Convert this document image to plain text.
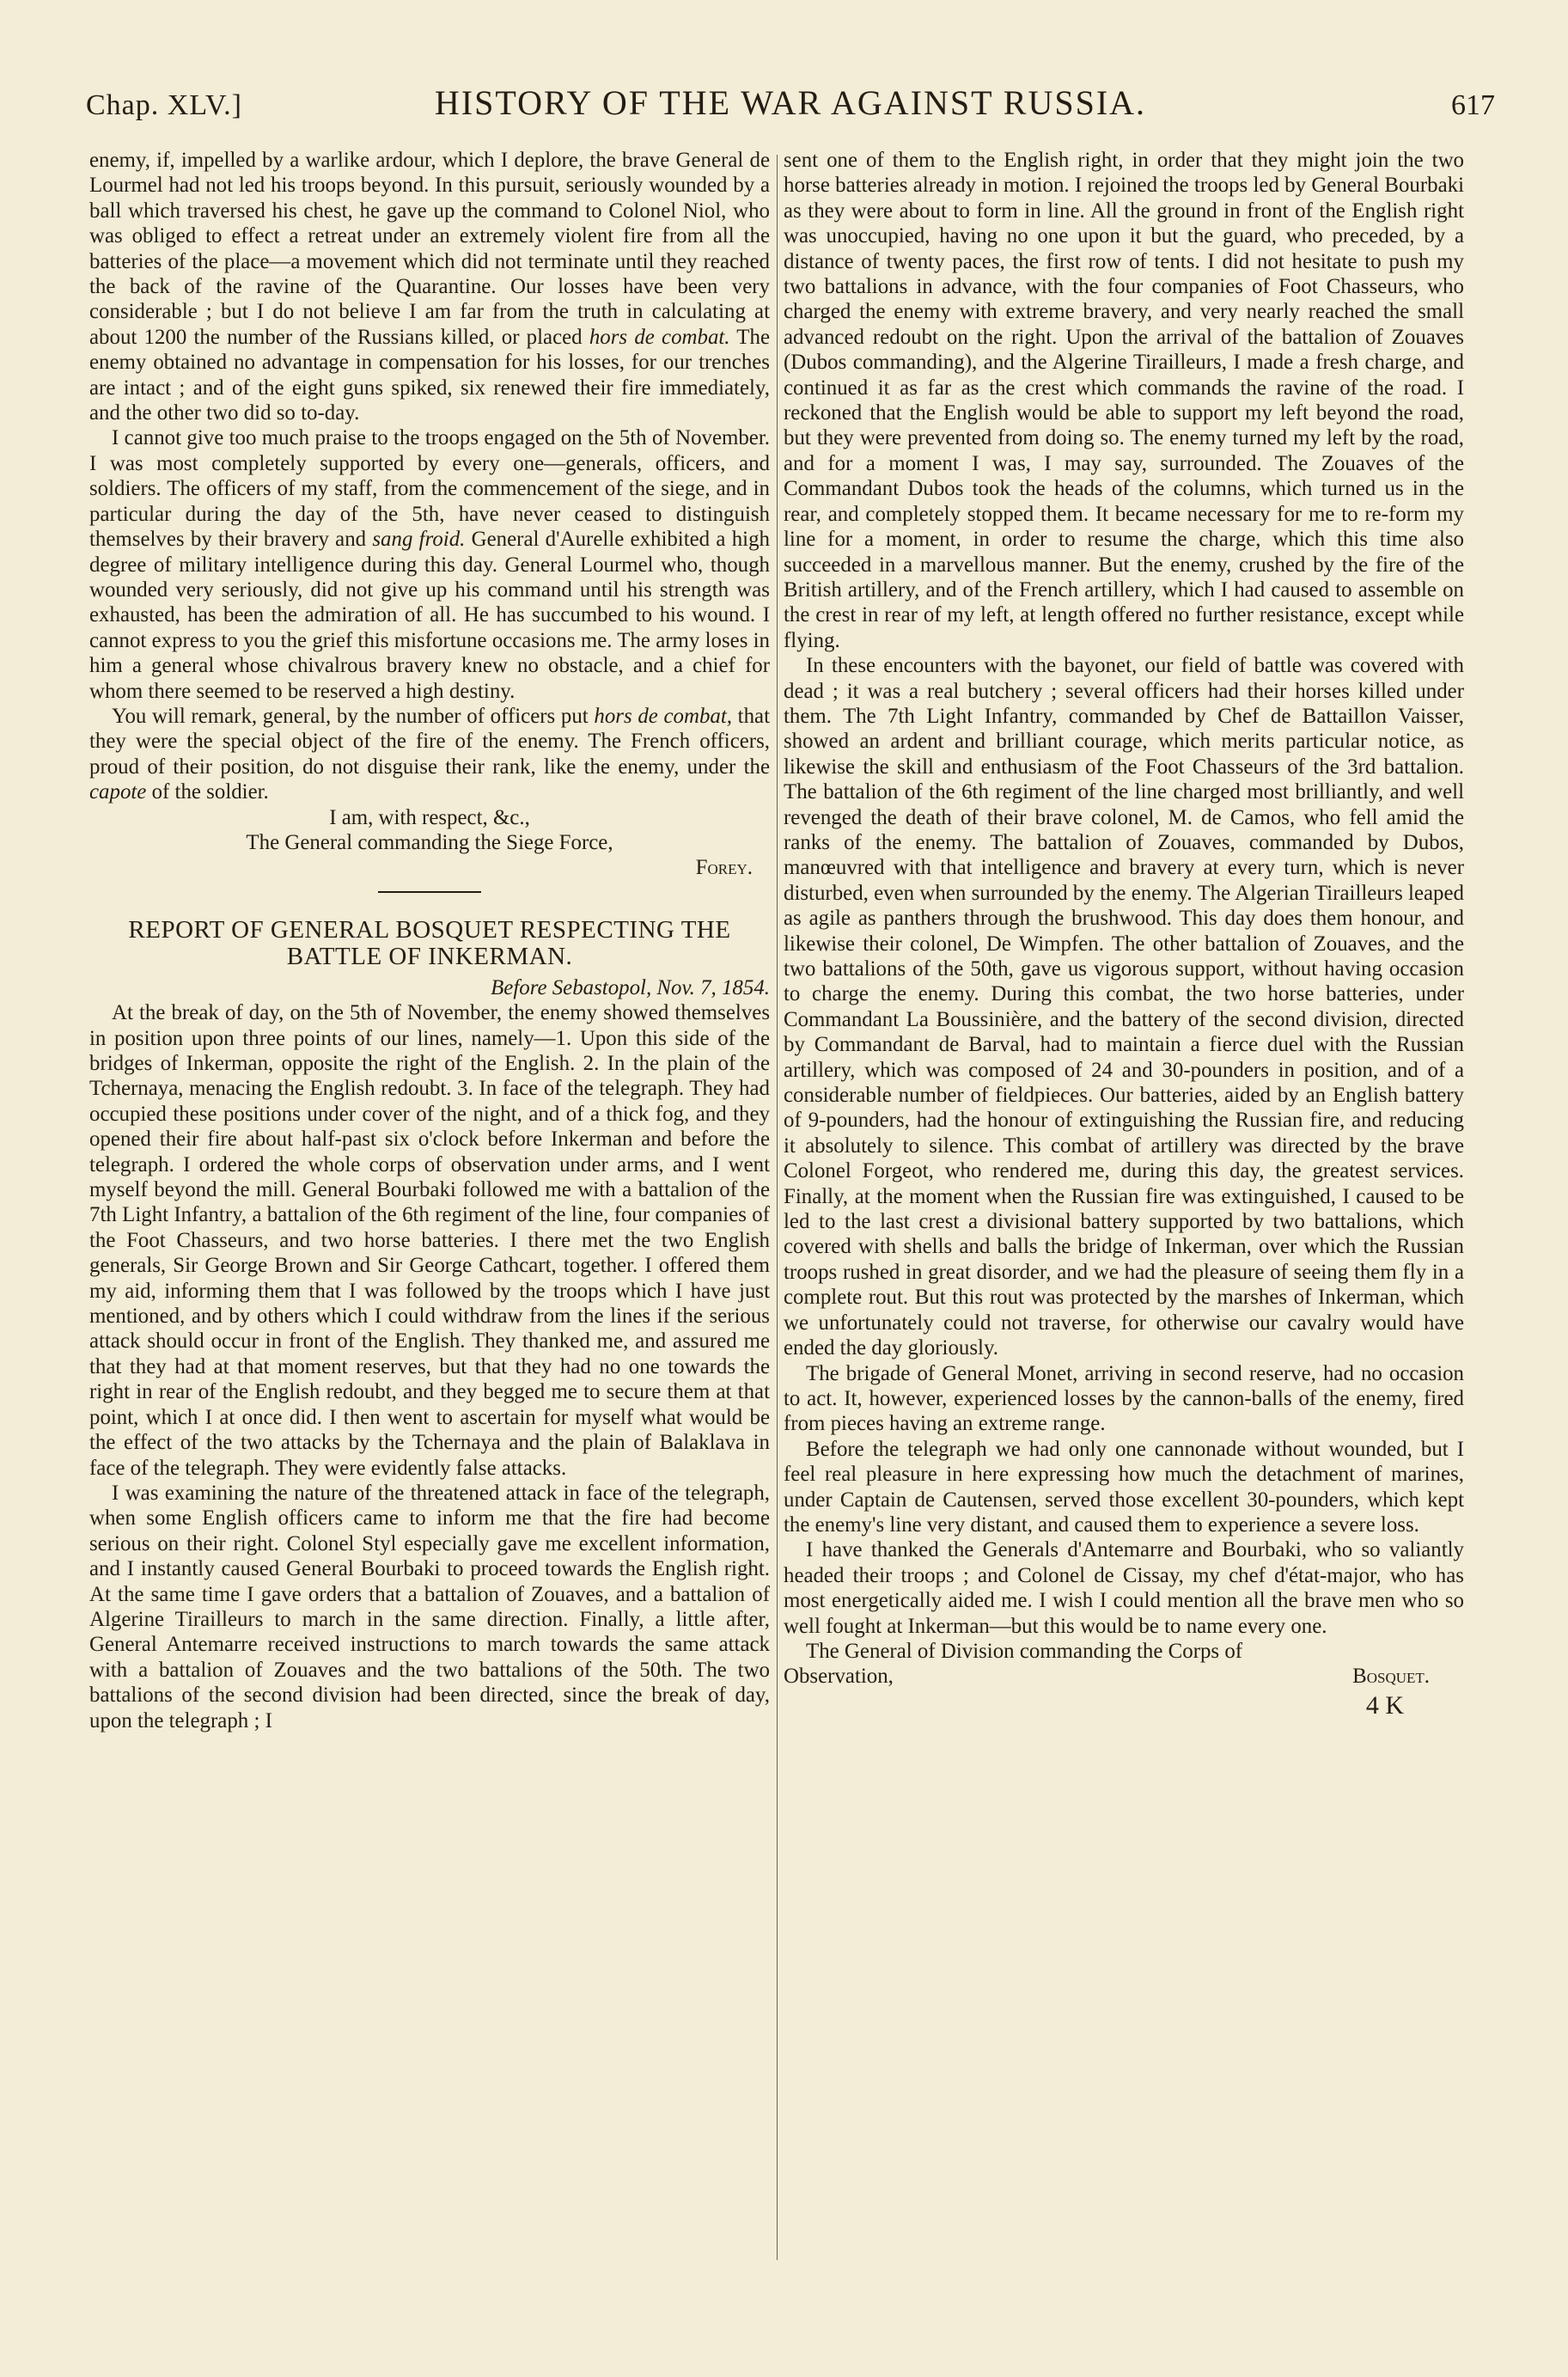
Chap. XLV.]	HISTORY OF THE WAR AGAINST RUSSIA.	617

enemy, if, impelled by a warlike ardour, which I deplore, the brave General de Lourmel had not led his troops beyond. In this pursuit, seriously wounded by a ball which traversed his chest, he gave up the command to Colonel Niol, who was obliged to effect a retreat under an extremely violent fire from all the batteries of the place—a movement which did not terminate until they reached the back of the ravine of the Quarantine. Our losses have been very considerable ; but I do not believe I am far from the truth in calculating at about 1200 the number of the Russians killed, or placed hors de combat. The enemy obtained no advantage in compensation for his losses, for our trenches are intact ; and of the eight guns spiked, six renewed their fire immediately, and the other two did so to-day.

I cannot give too much praise to the troops engaged on the 5th of November. I was most completely supported by every one—generals, officers, and soldiers. The officers of my staff, from the commencement of the siege, and in particular during the day of the 5th, have never ceased to distinguish themselves by their bravery and sang froid. General d'Aurelle exhibited a high degree of military intelligence during this day. General Lourmel who, though wounded very seriously, did not give up his command until his strength was exhausted, has been the admiration of all. He has succumbed to his wound. I cannot express to you the grief this misfortune occasions me. The army loses in him a general whose chivalrous bravery knew no obstacle, and a chief for whom there seemed to be reserved a high destiny.

You will remark, general, by the number of officers put hors de combat, that they were the special object of the fire of the enemy. The French officers, proud of their position, do not disguise their rank, like the enemy, under the capote of the soldier.

I am, with respect, &c.,

The General commanding the Siege Force,

Forey.

REPORT OF GENERAL BOSQUET RESPECTING THE BATTLE OF INKERMAN.

Before Sebastopol, Nov. 7, 1854.

At the break of day, on the 5th of November, the enemy showed themselves in position upon three points of our lines, namely—1. Upon this side of the bridges of Inkerman, opposite the right of the English. 2. In the plain of the Tchernaya, menacing the English redoubt. 3. In face of the telegraph. They had occupied these positions under cover of the night, and of a thick fog, and they opened their fire about half-past six o'clock before Inkerman and before the telegraph. I ordered the whole corps of observation under arms, and I went myself beyond the mill. General Bourbaki followed me with a battalion of the 7th Light Infantry, a battalion of the 6th regiment of the line, four companies of the Foot Chasseurs, and two horse batteries. I there met the two English generals, Sir George Brown and Sir George Cathcart, together. I offered them my aid, informing them that I was followed by the troops which I have just mentioned, and by others which I could withdraw from the lines if the serious attack should occur in front of the English. They thanked me, and assured me that they had at that moment reserves, but that they had no one towards the right in rear of the English redoubt, and they begged me to secure them at that point, which I at once did. I then went to ascertain for myself what would be the effect of the two attacks by the Tchernaya and the plain of Balaklava in face of the telegraph. They were evidently false attacks.

I was examining the nature of the threatened attack in face of the telegraph, when some English officers came to inform me that the fire had become serious on their right. Colonel Styl especially gave me excellent information, and I instantly caused General Bourbaki to proceed towards the English right. At the same time I gave orders that a battalion of Zouaves, and a battalion of Algerine Tirailleurs to march in the same direction. Finally, a little after, General Antemarre received instructions to march towards the same attack with a battalion of Zouaves and the two battalions of the 50th. The two battalions of the second division had been directed, since the break of day, upon the telegraph ; I

sent one of them to the English right, in order that they might join the two horse batteries already in motion. I rejoined the troops led by General Bourbaki as they were about to form in line. All the ground in front of the English right was unoccupied, having no one upon it but the guard, who preceded, by a distance of twenty paces, the first row of tents. I did not hesitate to push my two battalions in advance, with the four companies of Foot Chasseurs, who charged the enemy with extreme bravery, and very nearly reached the small advanced redoubt on the right. Upon the arrival of the battalion of Zouaves (Dubos commanding), and the Algerine Tirailleurs, I made a fresh charge, and continued it as far as the crest which commands the ravine of the road. I reckoned that the English would be able to support my left beyond the road, but they were prevented from doing so. The enemy turned my left by the road, and for a moment I was, I may say, surrounded. The Zouaves of the Commandant Dubos took the heads of the columns, which turned us in the rear, and completely stopped them. It became necessary for me to re-form my line for a moment, in order to resume the charge, which this time also succeeded in a marvellous manner. But the enemy, crushed by the fire of the British artillery, and of the French artillery, which I had caused to assemble on the crest in rear of my left, at length offered no further resistance, except while flying.

In these encounters with the bayonet, our field of battle was covered with dead ; it was a real butchery ; several officers had their horses killed under them. The 7th Light Infantry, commanded by Chef de Battaillon Vaisser, showed an ardent and brilliant courage, which merits particular notice, as likewise the skill and enthusiasm of the Foot Chasseurs of the 3rd battalion. The battalion of the 6th regiment of the line charged most brilliantly, and well revenged the death of their brave colonel, M. de Camos, who fell amid the ranks of the enemy. The battalion of Zouaves, commanded by Dubos, manœuvred with that intelligence and bravery at every turn, which is never disturbed, even when surrounded by the enemy. The Algerian Tirailleurs leaped as agile as panthers through the brushwood. This day does them honour, and likewise their colonel, De Wimpfen. The other battalion of Zouaves, and the two battalions of the 50th, gave us vigorous support, without having occasion to charge the enemy. During this combat, the two horse batteries, under Commandant La Boussinière, and the battery of the second division, directed by Commandant de Barval, had to maintain a fierce duel with the Russian artillery, which was composed of 24 and 30-pounders in position, and of a considerable number of fieldpieces. Our batteries, aided by an English battery of 9-pounders, had the honour of extinguishing the Russian fire, and reducing it absolutely to silence. This combat of artillery was directed by the brave Colonel Forgeot, who rendered me, during this day, the greatest services. Finally, at the moment when the Russian fire was extinguished, I caused to be led to the last crest a divisional battery supported by two battalions, which covered with shells and balls the bridge of Inkerman, over which the Russian troops rushed in great disorder, and we had the pleasure of seeing them fly in a complete rout. But this rout was protected by the marshes of Inkerman, which we unfortunately could not traverse, for otherwise our cavalry would have ended the day gloriously.

The brigade of General Monet, arriving in second reserve, had no occasion to act. It, however, experienced losses by the cannon-balls of the enemy, fired from pieces having an extreme range.

Before the telegraph we had only one cannonade without wounded, but I feel real pleasure in here expressing how much the detachment of marines, under Captain de Cautensen, served those excellent 30-pounders, which kept the enemy's line very distant, and caused them to experience a severe loss.

I have thanked the Generals d'Antemarre and Bourbaki, who so valiantly headed their troops ; and Colonel de Cissay, my chef d'état-major, who has most energetically aided me. I wish I could mention all the brave men who so well fought at Inkerman—but this would be to name every one.

The General of Division commanding the Corps of

Observation,	Bosquet.
4 K
